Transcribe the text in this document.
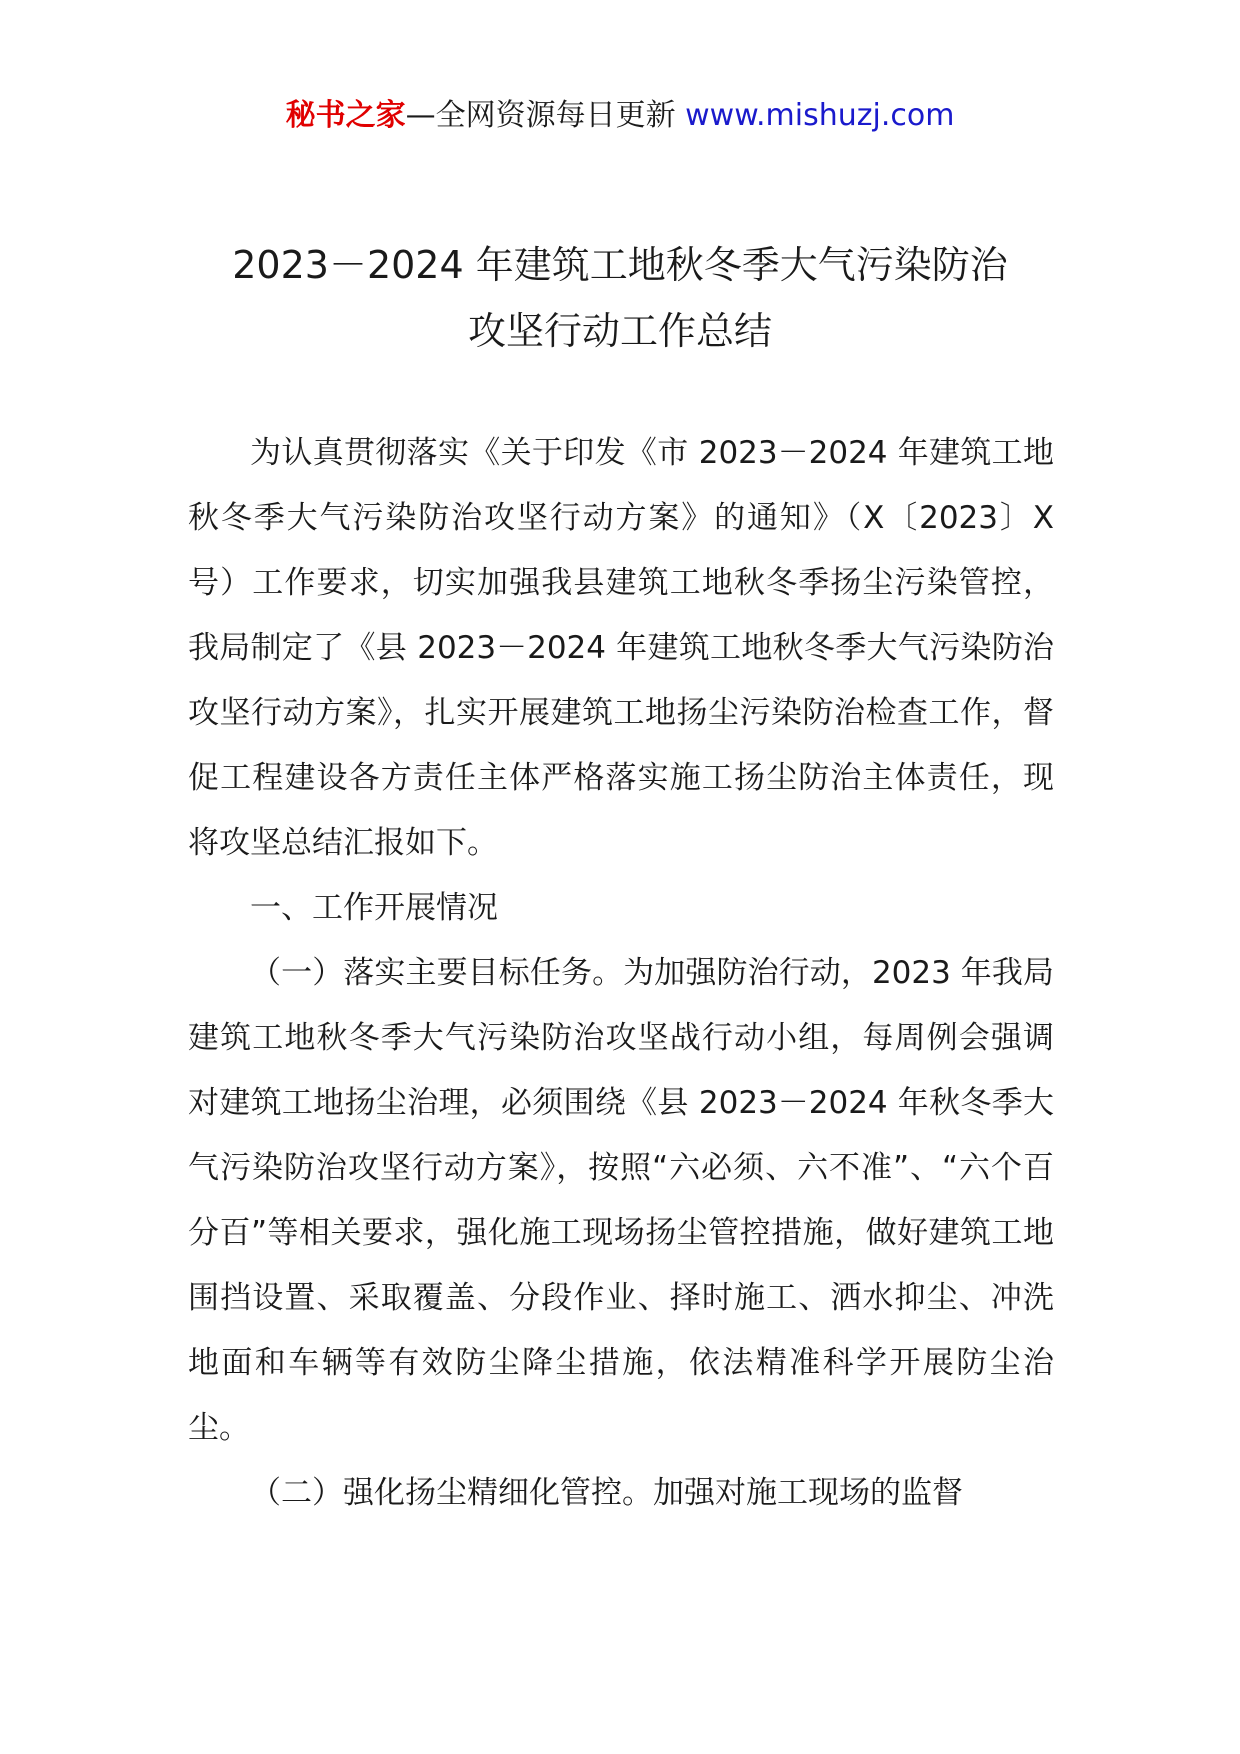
秘书之家—全网资源每日更新 www.mishuzj.com
2023－2024 年建筑工地秋冬季大气污染防治
攻坚行动工作总结

为认真贯彻落实《关于印发《市 2023－2024 年建筑工地秋冬季大气污染防治攻坚行动方案》的通知》（X〔2023〕X 号）工作要求，切实加强我县建筑工地秋冬季扬尘污染管控，我局制定了《县 2023－2024 年建筑工地秋冬季大气污染防治攻坚行动方案》，扎实开展建筑工地扬尘污染防治检查工作，督促工程建设各方责任主体严格落实施工扬尘防治主体责任，现将攻坚总结汇报如下。

一、工作开展情况

（一）落实主要目标任务。为加强防治行动，2023 年我局建筑工地秋冬季大气污染防治攻坚战行动小组，每周例会强调对建筑工地扬尘治理，必须围绕《县 2023－2024 年秋冬季大气污染防治攻坚行动方案》，按照“六必须、六不准”、“六个百分百”等相关要求，强化施工现场扬尘管控措施，做好建筑工地围挡设置、采取覆盖、分段作业、择时施工、洒水抑尘、冲洗地面和车辆等有效防尘降尘措施，依法精准科学开展防尘治尘。

（二）强化扬尘精细化管控。加强对施工现场的监督
